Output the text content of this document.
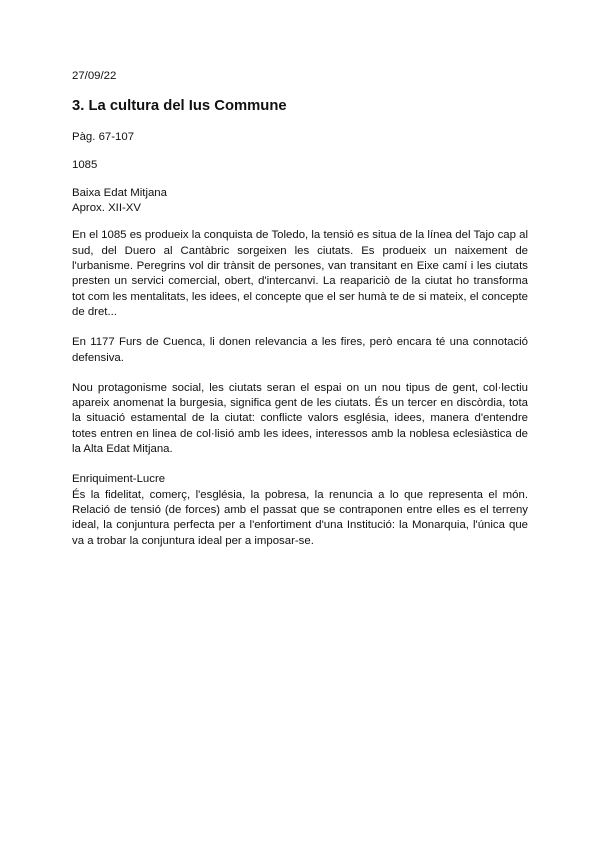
27/09/22

3. La cultura del Ius Commune

Pàg. 67-107

1085

Baixa Edat Mitjana

Aprox. XII-XV

En el 1085 es produeix la conquista de Toledo, la tensió es situa de la línea del Tajo cap al sud, del Duero al Cantàbric sorgeixen les ciutats. Es produeix un naixement de l'urbanisme. Peregrins vol dir trànsit de persones, van transitant en Eixe camí i les ciutats presten un servici comercial, obert, d'intercanvi. La reapariciò de la ciutat ho transforma tot com les mentalitats, les idees, el concepte que el ser humà te de si mateix, el concepte de dret...

En 1177 Furs de Cuenca, li donen relevancia a les fires, però encara té una connotació defensiva.

Nou protagonisme social, les ciutats seran el espai on un nou tipus de gent, col·lectiu apareix anomenat la burgesia, significa gent de les ciutats. És un tercer en discòrdia, tota la situació estamental de la ciutat: conflicte valors església, idees, manera d'entendre totes entren en linea de col·lisió amb les idees, interessos amb la noblesa eclesiàstica de la Alta Edat Mitjana.

Enriquiment-Lucre

És la fidelitat, comerç, l'església, la pobresa, la renuncia a lo que representa el món. Relació de tensió (de forces) amb el passat que se contraponen entre elles es el terreny ideal, la conjuntura perfecta per a l'enfortiment d'una Institució: la Monarquia, l'única que va a trobar la conjuntura ideal per a imposar-se.
